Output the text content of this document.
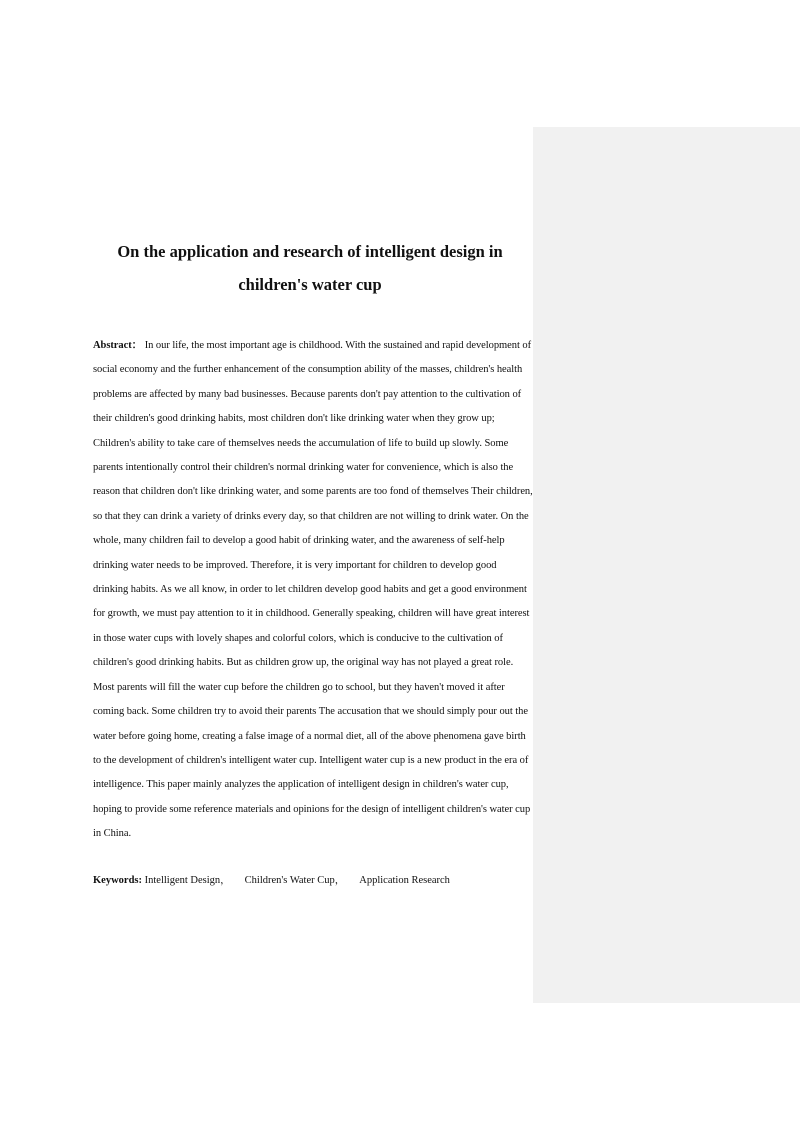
On the application and research of intelligent design in
children's water cup

Abstract： In our life, the most important age is childhood. With the sustained and rapid development of social economy and the further enhancement of the consumption ability of the masses, children's health problems are affected by many bad businesses. Because parents don't pay attention to the cultivation of their children's good drinking habits, most children don't like drinking water when they grow up; Children's ability to take care of themselves needs the accumulation of life to build up slowly. Some parents intentionally control their children's normal drinking water for convenience, which is also the reason that children don't like drinking water, and some parents are too fond of themselves Their children, so that they can drink a variety of drinks every day, so that children are not willing to drink water. On the whole, many children fail to develop a good habit of drinking water, and the awareness of self-help drinking water needs to be improved. Therefore, it is very important for children to develop good drinking habits. As we all know, in order to let children develop good habits and get a good environment for growth, we must pay attention to it in childhood. Generally speaking, children will have great interest in those water cups with lovely shapes and colorful colors, which is conducive to the cultivation of children's good drinking habits. But as children grow up, the original way has not played a great role. Most parents will fill the water cup before the children go to school, but they haven't moved it after coming back. Some children try to avoid their parents The accusation that we should simply pour out the water before going home, creating a false image of a normal diet, all of the above phenomena gave birth to the development of children's intelligent water cup. Intelligent water cup is a new product in the era of intelligence. This paper mainly analyzes the application of intelligent design in children's water cup, hoping to provide some reference materials and opinions for the design of intelligent children's water cup in China.

Keywords: Intelligent Design， Children's Water Cup， Application Research
